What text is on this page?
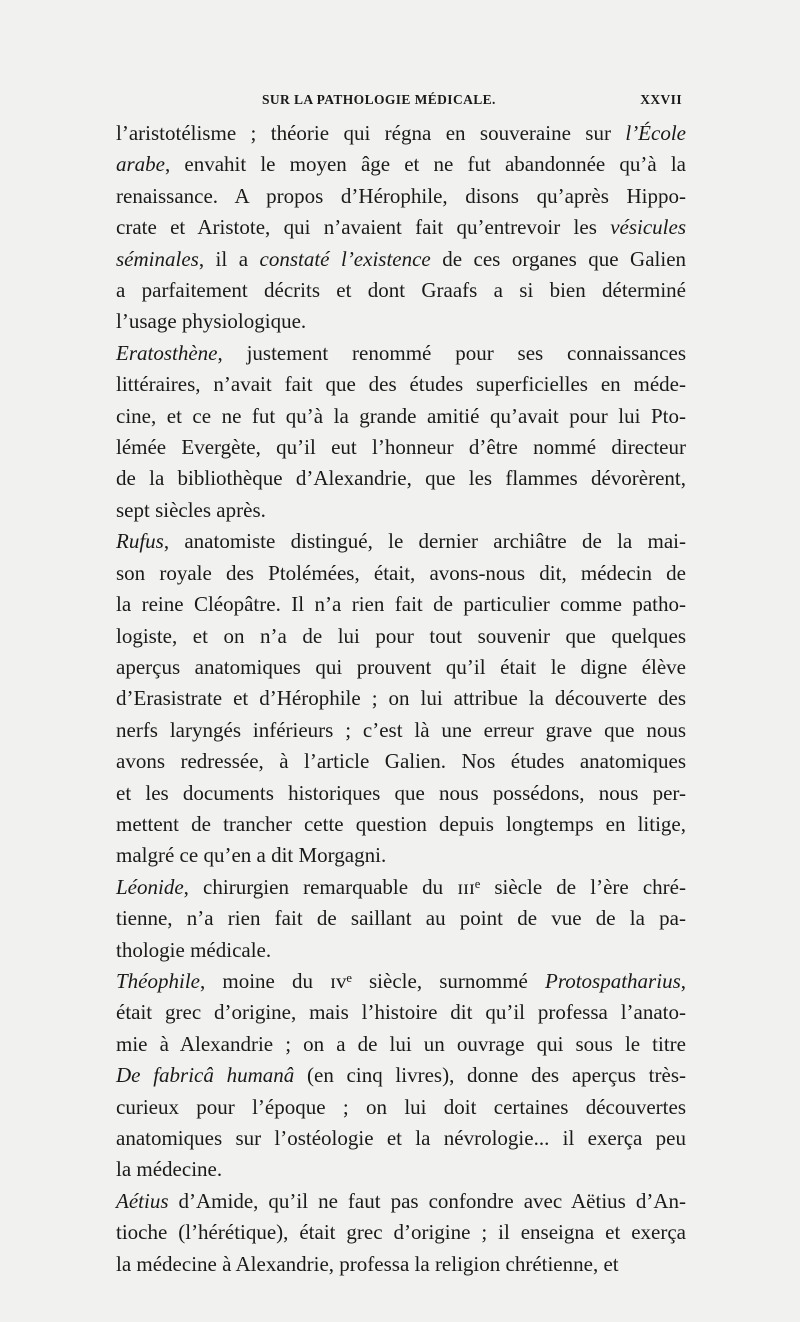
SUR LA PATHOLOGIE MÉDICALE.	XXVII
l’aristotélisme ; théorie qui régna en souveraine sur l’École
arabe, envahit le moyen âge et ne fut abandonnée qu’à la
renaissance. A propos d’Hérophile, disons qu’après Hippo-
crate et Aristote, qui n’avaient fait qu’entrevoir les vésicules
séminales, il a constaté l’existence de ces organes que Galien
a parfaitement décrits et dont Graafs a si bien déterminé
l’usage physiologique.
Eratosthène, justement renommé pour ses connaissances
littéraires, n’avait fait que des études superficielles en méde-
cine, et ce ne fut qu’à la grande amitié qu’avait pour lui Pto-
lémée Evergète, qu’il eut l’honneur d’être nommé directeur
de la bibliothèque d’Alexandrie, que les flammes dévorèrent,
sept siècles après.
Rufus, anatomiste distingué, le dernier archiâtre de la mai-
son royale des Ptolémées, était, avons-nous dit, médecin de
la reine Cléopâtre. Il n’a rien fait de particulier comme patho-
logiste, et on n’a de lui pour tout souvenir que quelques
aperçus anatomiques qui prouvent qu’il était le digne élève
d’Erasistrate et d’Hérophile ; on lui attribue la découverte des
nerfs laryngés inférieurs ; c’est là une erreur grave que nous
avons redressée, à l’article Galien. Nos études anatomiques
et les documents historiques que nous possédons, nous per-
mettent de trancher cette question depuis longtemps en litige,
malgré ce qu’en a dit Morgagni.
Léonide, chirurgien remarquable du ɪɪɪᵉ siècle de l’ère chré-
tienne, n’a rien fait de saillant au point de vue de la pa-
thologie médicale.
Théophile, moine du ɪᴠᵉ siècle, surnommé Protospatharius,
était grec d’origine, mais l’histoire dit qu’il professa l’anato-
mie à Alexandrie ; on a de lui un ouvrage qui sous le titre
De fabricâ humanâ (en cinq livres), donne des aperçus très-
curieux pour l’époque ; on lui doit certaines découvertes
anatomiques sur l’ostéologie et la névrologie... il exerça peu
la médecine.
Aétius d’Amide, qu’il ne faut pas confondre avec Aëtius d’An-
tioche (l’hérétique), était grec d’origine ; il enseigna et exerça
la médecine à Alexandrie, professa la religion chrétienne, et
